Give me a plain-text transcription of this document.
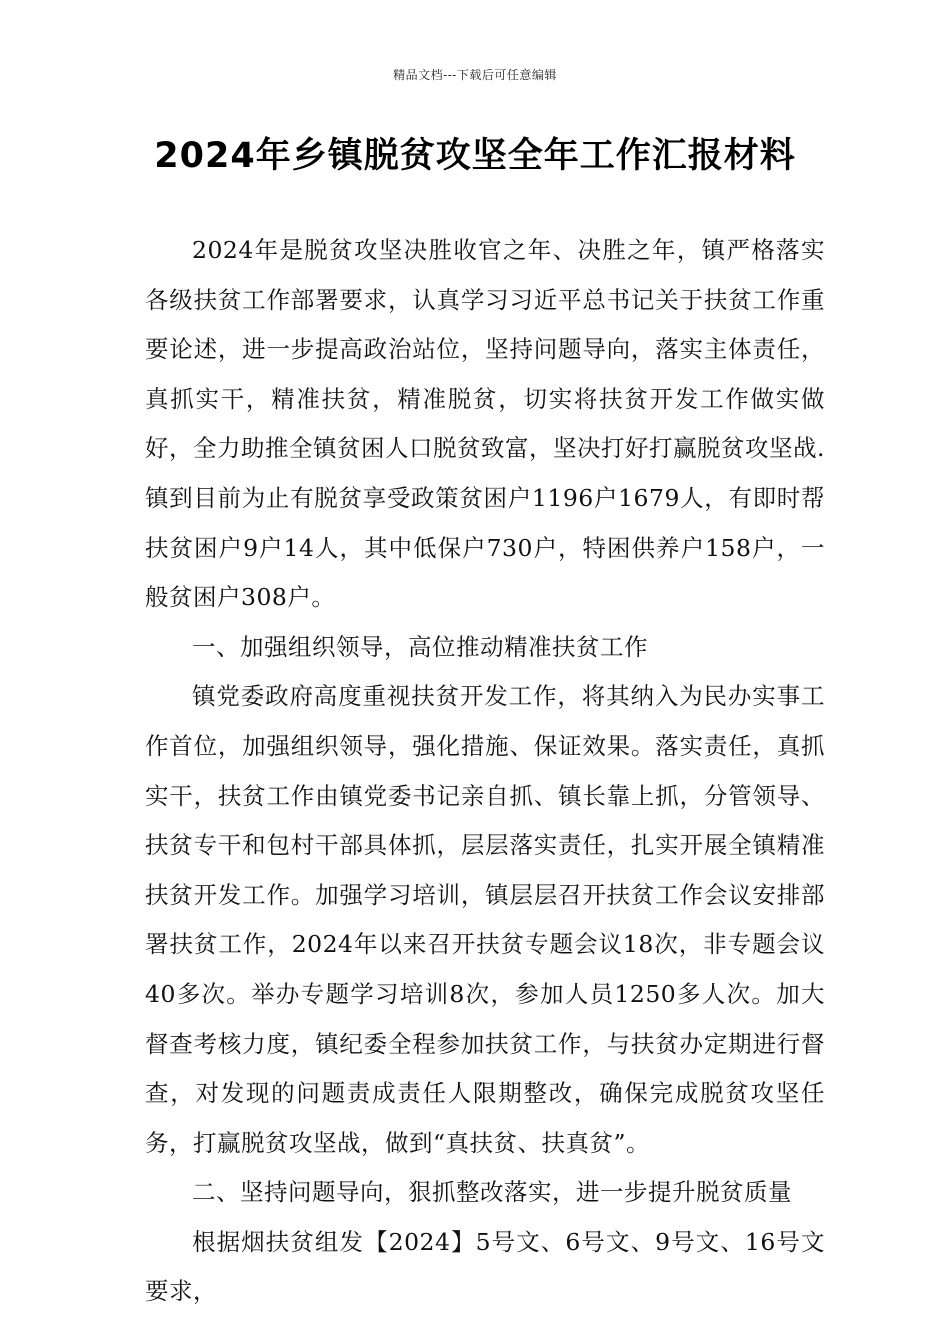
精品文档---下载后可任意编辑
2024年乡镇脱贫攻坚全年工作汇报材料

2024年是脱贫攻坚决胜收官之年、决胜之年，镇严格落实各级扶贫工作部署要求，认真学习习近平总书记关于扶贫工作重要论述，进一步提高政治站位，坚持问题导向，落实主体责任，真抓实干，精准扶贫，精准脱贫，切实将扶贫开发工作做实做好，全力助推全镇贫困人口脱贫致富，坚决打好打赢脱贫攻坚战.镇到目前为止有脱贫享受政策贫困户1196户1679人，有即时帮扶贫困户9户14人，其中低保户730户，特困供养户158户，一般贫困户308户。

一、加强组织领导，高位推动精准扶贫工作

镇党委政府高度重视扶贫开发工作，将其纳入为民办实事工作首位，加强组织领导，强化措施、保证效果。落实责任，真抓实干，扶贫工作由镇党委书记亲自抓、镇长靠上抓，分管领导、扶贫专干和包村干部具体抓，层层落实责任，扎实开展全镇精准扶贫开发工作。加强学习培训，镇层层召开扶贫工作会议安排部署扶贫工作，2024年以来召开扶贫专题会议18次，非专题会议40多次。举办专题学习培训8次，参加人员1250多人次。加大督查考核力度，镇纪委全程参加扶贫工作，与扶贫办定期进行督查，对发现的问题责成责任人限期整改，确保完成脱贫攻坚任务，打赢脱贫攻坚战，做到“真扶贫、扶真贫”。

二、坚持问题导向，狠抓整改落实，进一步提升脱贫质量

根据烟扶贫组发【2024】5号文、6号文、9号文、16号文要求，
